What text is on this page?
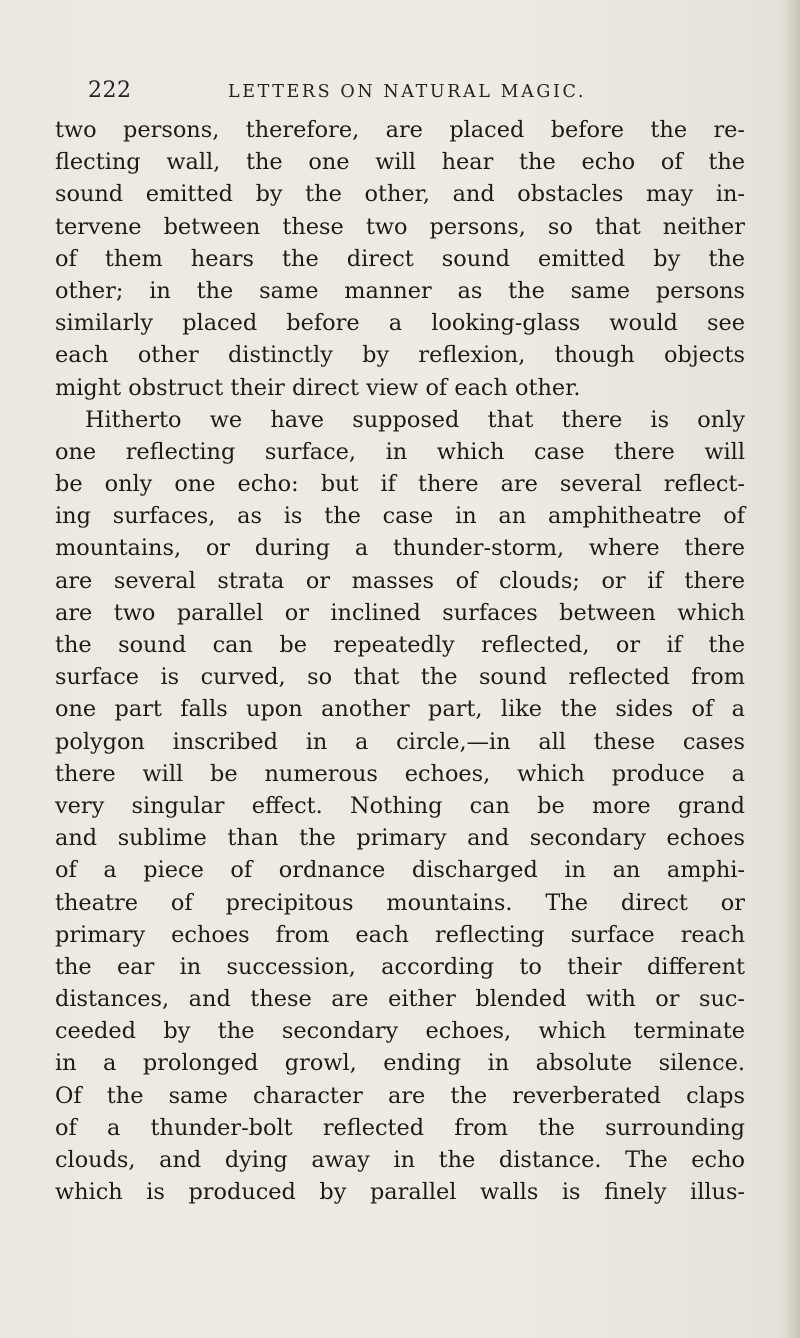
222	LETTERS ON NATURAL MAGIC.
two persons, therefore, are placed before the re-
flecting wall, the one will hear the echo of the
sound emitted by the other, and obstacles may in-
tervene between these two persons, so that neither
of them hears the direct sound emitted by the
other; in the same manner as the same persons
similarly placed before a looking-glass would see
each other distinctly by reflexion, though objects
might obstruct their direct view of each other.
Hitherto we have supposed that there is only
one reflecting surface, in which case there will
be only one echo: but if there are several reflect-
ing surfaces, as is the case in an amphitheatre of
mountains, or during a thunder-storm, where there
are several strata or masses of clouds; or if there
are two parallel or inclined surfaces between which
the sound can be repeatedly reflected, or if the
surface is curved, so that the sound reflected from
one part falls upon another part, like the sides of a
polygon inscribed in a circle,—in all these cases
there will be numerous echoes, which produce a
very singular effect. Nothing can be more grand
and sublime than the primary and secondary echoes
of a piece of ordnance discharged in an amphi-
theatre of precipitous mountains. The direct or
primary echoes from each reflecting surface reach
the ear in succession, according to their different
distances, and these are either blended with or suc-
ceeded by the secondary echoes, which terminate
in a prolonged growl, ending in absolute silence.
Of the same character are the reverberated claps
of a thunder-bolt reflected from the surrounding
clouds, and dying away in the distance. The echo
which is produced by parallel walls is finely illus-
